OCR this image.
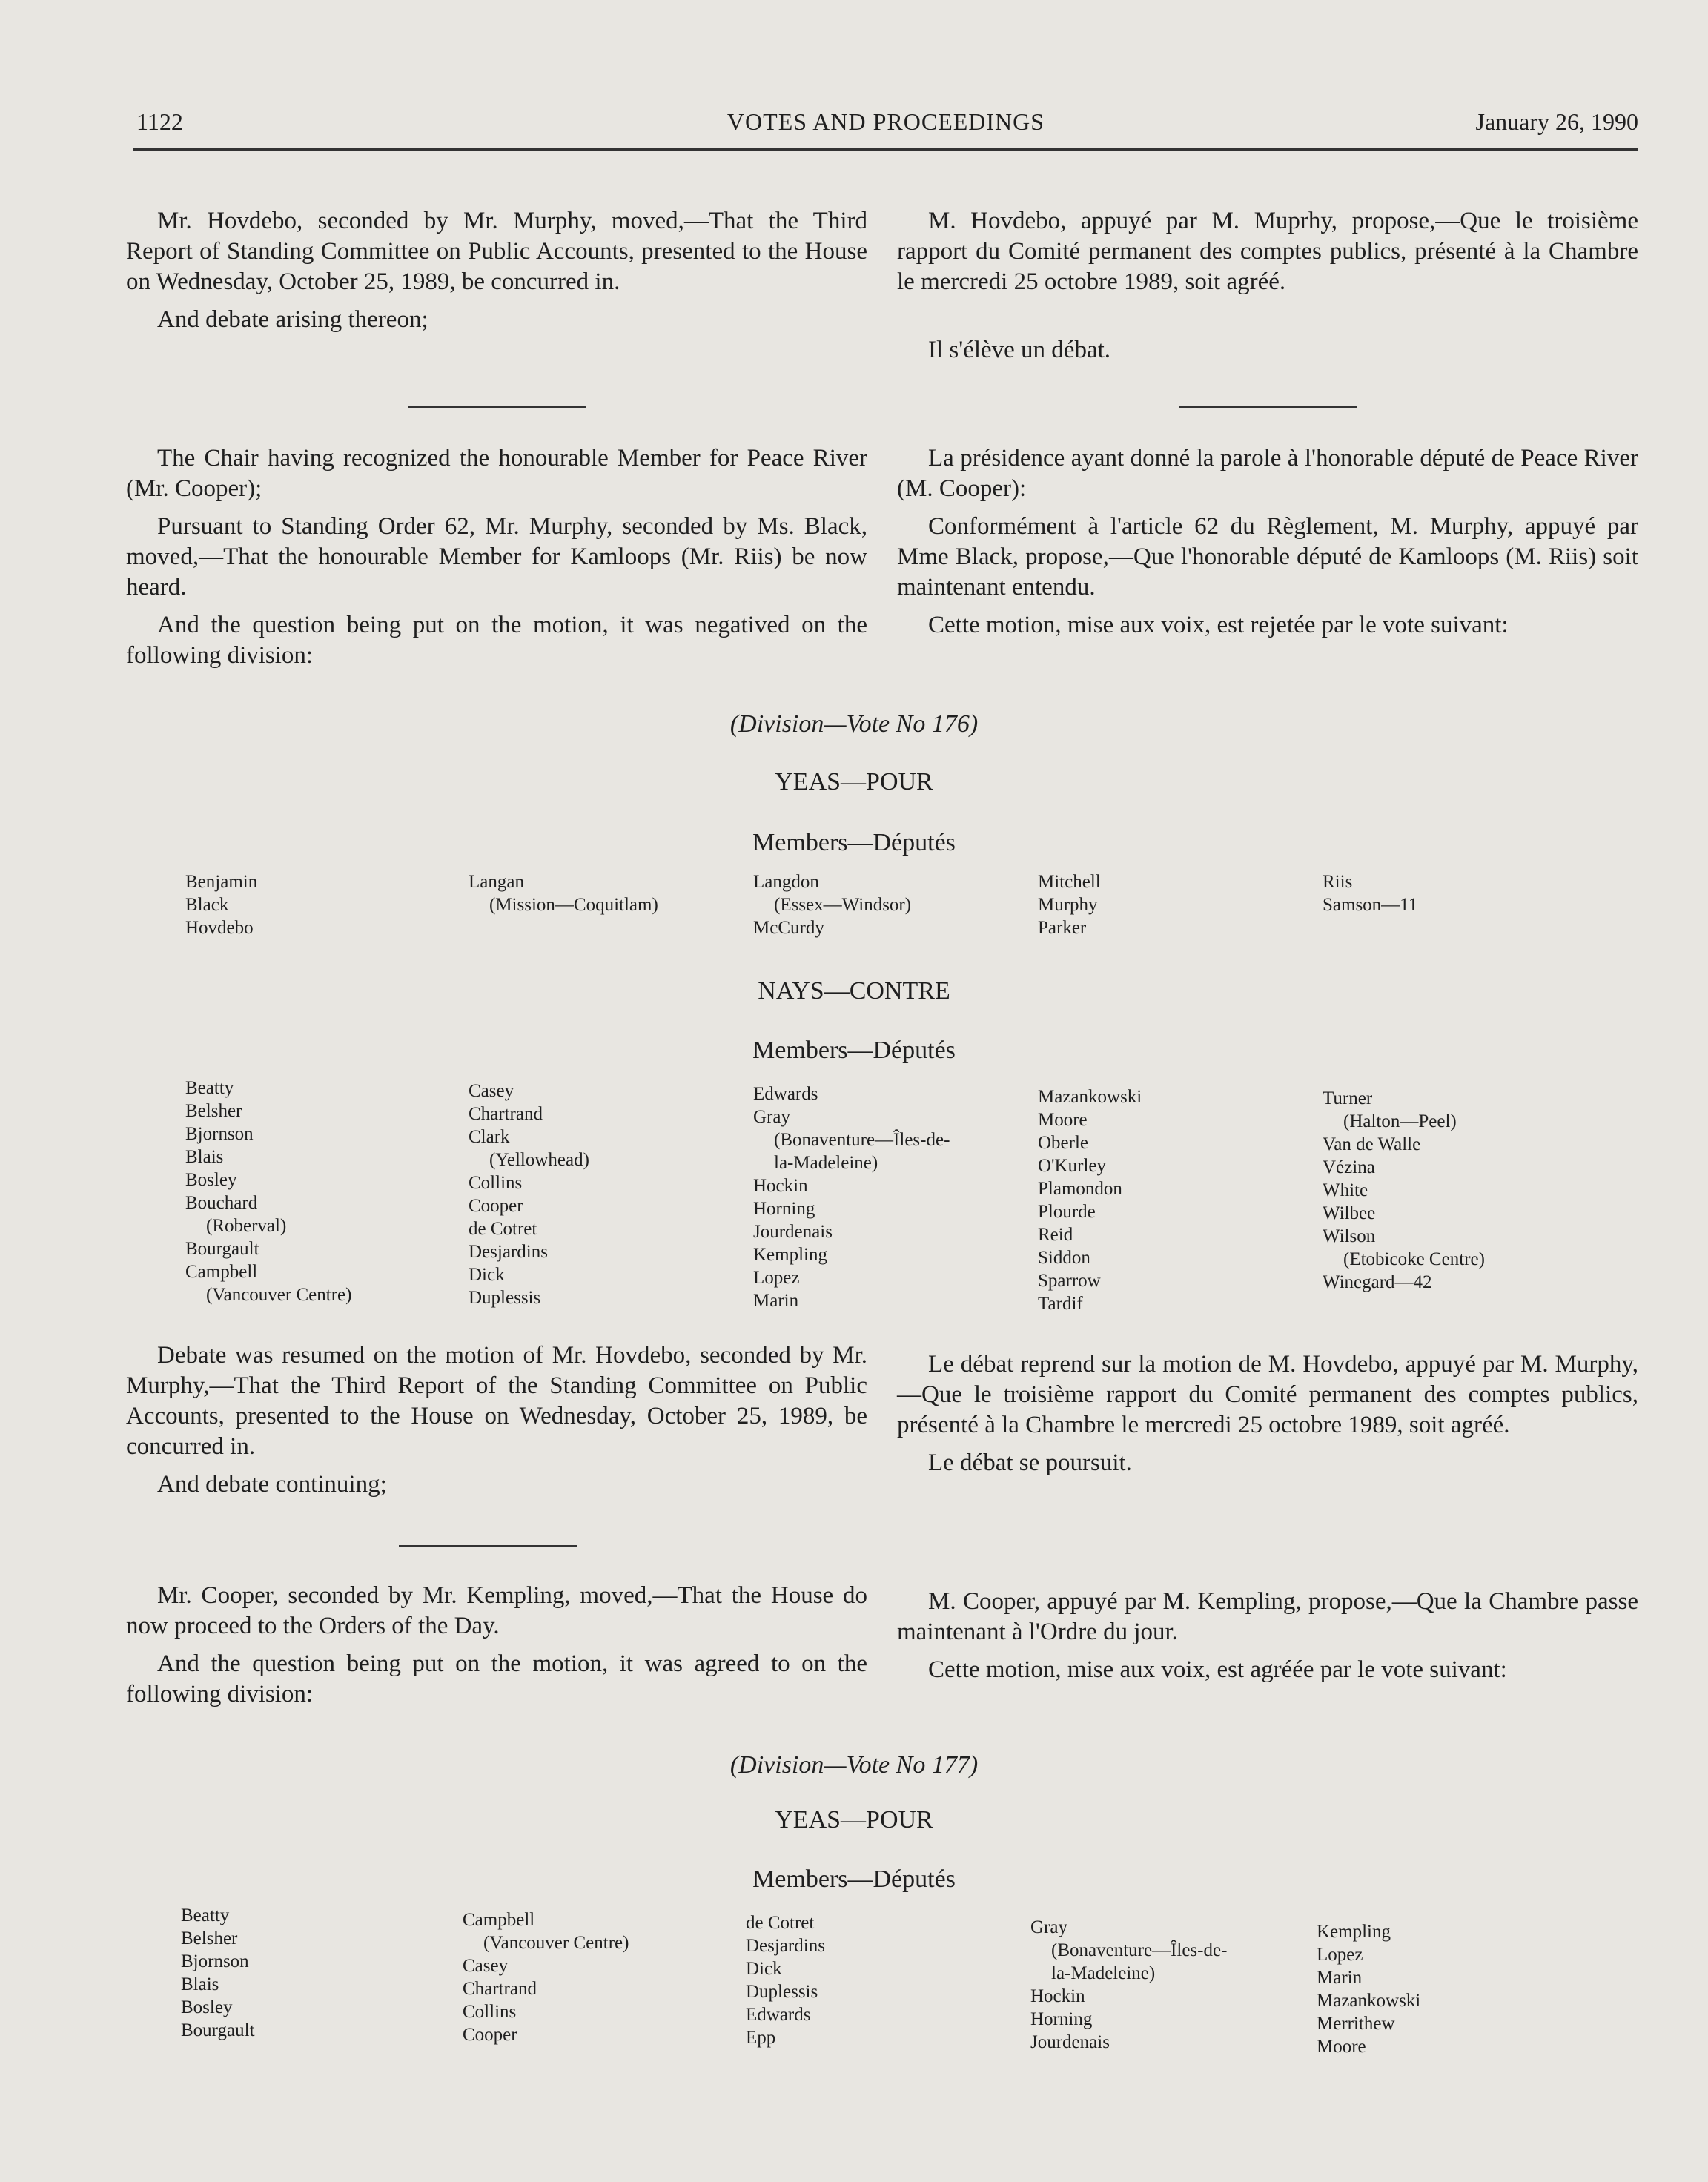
1122	VOTES AND PROCEEDINGS	January 26, 1990

Mr. Hovdebo, seconded by Mr. Murphy, moved,—That the Third Report of Standing Committee on Public Accounts, presented to the House on Wednesday, October 25, 1989, be concurred in.

And debate arising thereon;

M. Hovdebo, appuyé par M. Muprhy, propose,—Que le troisième rapport du Comité permanent des comptes publics, présenté à la Chambre le mercredi 25 octobre 1989, soit agréé.

Il s'élève un débat.

The Chair having recognized the honourable Member for Peace River (Mr. Cooper);

Pursuant to Standing Order 62, Mr. Murphy, seconded by Ms. Black, moved,—That the honourable Member for Kamloops (Mr. Riis) be now heard.

And the question being put on the motion, it was negatived on the following division:

La présidence ayant donné la parole à l'honorable député de Peace River (M. Cooper):

Conformément à l'article 62 du Règlement, M. Murphy, appuyé par Mme Black, propose,—Que l'honorable député de Kamloops (M. Riis) soit maintenant entendu.

Cette motion, mise aux voix, est rejetée par le vote suivant:

(Division—Vote No 176)
YEAS—POUR
Members—Députés
Benjamin
Black
Hovdebo
Langan
(Mission—Coquitlam)
Langdon
(Essex—Windsor)
McCurdy
Mitchell
Murphy
Parker
Riis
Samson—11
NAYS—CONTRE
Members—Députés
Beatty
Belsher
Bjornson
Blais
Bosley
Bouchard
(Roberval)
Bourgault
Campbell
(Vancouver Centre)
Casey
Chartrand
Clark
(Yellowhead)
Collins
Cooper
de Cotret
Desjardins
Dick
Duplessis
Edwards
Gray
(Bonaventure—Îles-de-
la-Madeleine)
Hockin
Horning
Jourdenais
Kempling
Lopez
Marin
Mazankowski
Moore
Oberle
O'Kurley
Plamondon
Plourde
Reid
Siddon
Sparrow
Tardif
Turner
(Halton—Peel)
Van de Walle
Vézina
White
Wilbee
Wilson
(Etobicoke Centre)
Winegard—42

Debate was resumed on the motion of Mr. Hovdebo, seconded by Mr. Murphy,—That the Third Report of the Standing Committee on Public Accounts, presented to the House on Wednesday, October 25, 1989, be concurred in.

And debate continuing;

Le débat reprend sur la motion de M. Hovdebo, appuyé par M. Murphy,—Que le troisième rapport du Comité permanent des comptes publics, présenté à la Chambre le mercredi 25 octobre 1989, soit agréé.

Le débat se poursuit.

Mr. Cooper, seconded by Mr. Kempling, moved,—That the House do now proceed to the Orders of the Day.

And the question being put on the motion, it was agreed to on the following division:

M. Cooper, appuyé par M. Kempling, propose,—Que la Chambre passe maintenant à l'Ordre du jour.

Cette motion, mise aux voix, est agréée par le vote suivant:

(Division—Vote No 177)
YEAS—POUR
Members—Députés
Beatty
Belsher
Bjornson
Blais
Bosley
Bourgault
Campbell
(Vancouver Centre)
Casey
Chartrand
Collins
Cooper
de Cotret
Desjardins
Dick
Duplessis
Edwards
Epp
Gray
(Bonaventure—Îles-de-
la-Madeleine)
Hockin
Horning
Jourdenais
Kempling
Lopez
Marin
Mazankowski
Merrithew
Moore
